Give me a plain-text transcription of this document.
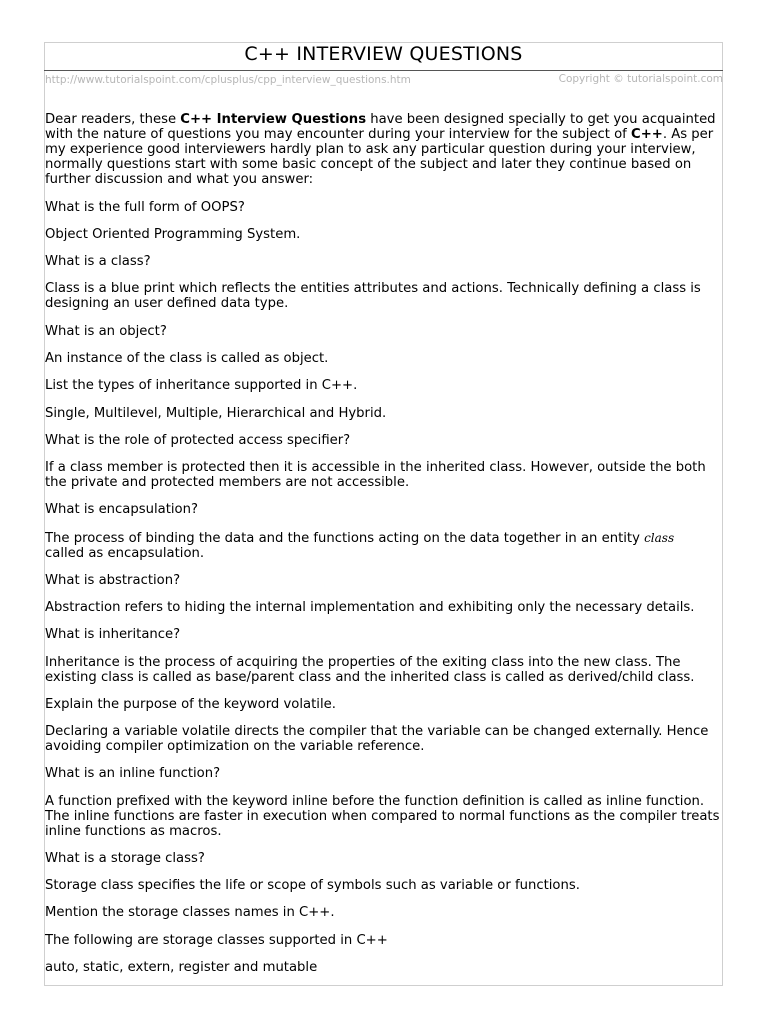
C++ INTERVIEW QUESTIONS
http://www.tutorialspoint.com/cplusplus/cpp_interview_questions.htm	Copyright © tutorialspoint.com

Dear readers, these C++ Interview Questions have been designed specially to get you acquainted with the nature of questions you may encounter during your interview for the subject of C++. As per my experience good interviewers hardly plan to ask any particular question during your interview, normally questions start with some basic concept of the subject and later they continue based on further discussion and what you answer:

What is the full form of OOPS?

Object Oriented Programming System.

What is a class?

Class is a blue print which reflects the entities attributes and actions. Technically defining a class is designing an user defined data type.

What is an object?

An instance of the class is called as object.

List the types of inheritance supported in C++.

Single, Multilevel, Multiple, Hierarchical and Hybrid.

What is the role of protected access specifier?

If a class member is protected then it is accessible in the inherited class. However, outside the both the private and protected members are not accessible.

What is encapsulation?

The process of binding the data and the functions acting on the data together in an entity class
called as encapsulation.

What is abstraction?

Abstraction refers to hiding the internal implementation and exhibiting only the necessary details.

What is inheritance?

Inheritance is the process of acquiring the properties of the exiting class into the new class. The existing class is called as base/parent class and the inherited class is called as derived/child class.

Explain the purpose of the keyword volatile.

Declaring a variable volatile directs the compiler that the variable can be changed externally. Hence avoiding compiler optimization on the variable reference.

What is an inline function?

A function prefixed with the keyword inline before the function definition is called as inline function. The inline functions are faster in execution when compared to normal functions as the compiler treats inline functions as macros.

What is a storage class?

Storage class specifies the life or scope of symbols such as variable or functions.

Mention the storage classes names in C++.

The following are storage classes supported in C++

auto, static, extern, register and mutable
